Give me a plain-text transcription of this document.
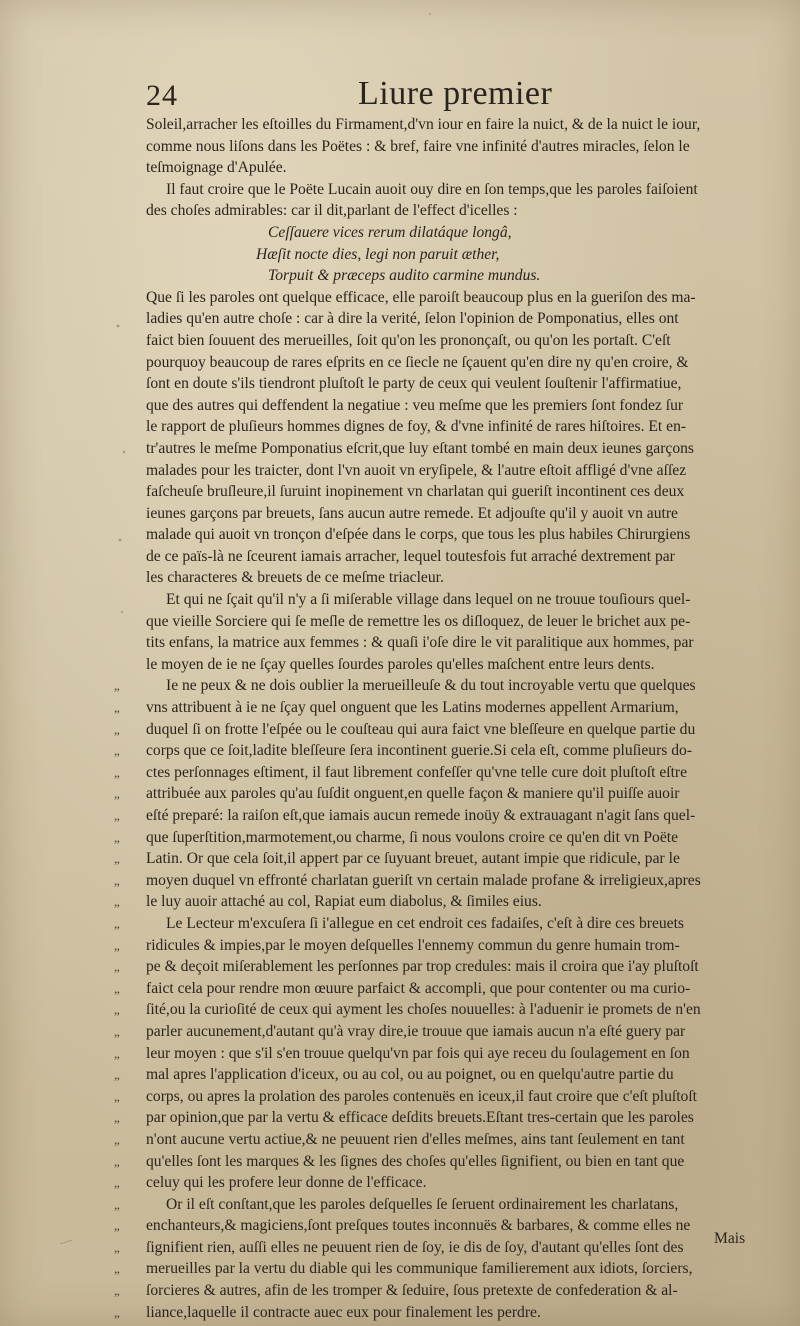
24	Liure premier
Soleil,arracher les eſtoilles du Firmament,d'vn iour en faire la nuict, & de la nuict le iour,
comme nous liſons dans les Poëtes : & bref, faire vne infinité d'autres miracles, ſelon le
teſmoignage d'Apulée.
Il faut croire que le Poëte Lucain auoit ouy dire en ſon temps,que les paroles faiſoient
des choſes admirables: car il dit,parlant de l'effect d'icelles :
Ceſſauere vices rerum dilatáque longâ,
Hæſit nocte dies, legi non paruit æther,
Torpuit & præceps audito carmine mundus.
Que ſi les paroles ont quelque efficace, elle paroiſt beaucoup plus en la gueriſon des ma-
ladies qu'en autre choſe : car à dire la verité, ſelon l'opinion de Pomponatius, elles ont
faict bien ſouuent des merueilles, ſoit qu'on les prononçaſt, ou qu'on les portaſt. C'eſt
pourquoy beaucoup de rares eſprits en ce ſiecle ne ſçauent qu'en dire ny qu'en croire, &
ſont en doute s'ils tiendront pluſtoſt le party de ceux qui veulent ſouſtenir l'affirmatiue,
que des autres qui deffendent la negatiue : veu meſme que les premiers ſont fondez ſur
le rapport de pluſieurs hommes dignes de foy, & d'vne infinité de rares hiſtoires. Et en-
tr'autres le meſme Pomponatius eſcrit,que luy eſtant tombé en main deux ieunes garçons
malades pour les traicter, dont l'vn auoit vn eryſipele, & l'autre eſtoit affligé d'vne aſſez
faſcheuſe bruſleure,il ſuruint inopinement vn charlatan qui gueriſt incontinent ces deux
ieunes garçons par breuets, ſans aucun autre remede. Et adjouſte qu'il y auoit vn autre
malade qui auoit vn tronçon d'eſpée dans le corps, que tous les plus habiles Chirurgiens
de ce païs-là ne ſceurent iamais arracher, lequel toutesfois fut arraché dextrement par
les characteres & breuets de ce meſme triacleur.
Et qui ne ſçait qu'il n'y a ſi miſerable village dans lequel on ne trouue touſiours quel-
que vieille Sorciere qui ſe meſle de remettre les os diſloquez, de leuer le brichet aux pe-
tits enfans, la matrice aux femmes : & quaſi i'oſe dire le vit paralitique aux hommes, par
le moyen de ie ne ſçay quelles ſourdes paroles qu'elles maſchent entre leurs dents.
„	Ie ne peux & ne dois oublier la merueilleuſe & du tout incroyable vertu que quelques
„ vns attribuent à ie ne ſçay quel onguent que les Latins modernes appellent Armarium,
„ duquel ſi on frotte l'eſpée ou le couſteau qui aura faict vne bleſſeure en quelque partie du
„ corps que ce ſoit,ladite bleſſeure ſera incontinent guerie.Si cela eſt, comme pluſieurs do-
„ ctes perſonnages eſtiment, il faut librement confeſſer qu'vne telle cure doit pluſtoſt eſtre
„ attribuée aux paroles qu'au ſuſdit onguent,en quelle façon & maniere qu'il puiſſe auoir
„ eſté preparé: la raiſon eſt,que iamais aucun remede inoüy & extrauagant n'agit ſans quel-
„ que ſuperſtition,marmotement,ou charme, ſi nous voulons croire ce qu'en dit vn Poëte
„ Latin. Or que cela ſoit,il appert par ce ſuyuant breuet, autant impie que ridicule, par le
„ moyen duquel vn effronté charlatan gueriſt vn certain malade profane & irreligieux,apres
„ le luy auoir attaché au col, Rapiat eum diabolus, & ſimiles eius.
„	Le Lecteur m'excuſera ſi i'allegue en cet endroit ces fadaiſes, c'eſt à dire ces breuets
„ ridicules & impies,par le moyen deſquelles l'ennemy commun du genre humain trom-
„ pe & deçoit miſerablement les perſonnes par trop credules: mais il croira que i'ay pluſtoſt
„ faict cela pour rendre mon œuure parfaict & accompli, que pour contenter ou ma curio-
„ ſité,ou la curioſité de ceux qui ayment les choſes nouuelles: à l'aduenir ie promets de n'en
„ parler aucunement,d'autant qu'à vray dire,ie trouue que iamais aucun n'a eſté guery par
„ leur moyen : que s'il s'en trouue quelqu'vn par fois qui aye receu du ſoulagement en ſon
„ mal apres l'application d'iceux, ou au col, ou au poignet, ou en quelqu'autre partie du
„ corps, ou apres la prolation des paroles contenuës en iceux,il faut croire que c'eſt pluſtoſt
„ par opinion,que par la vertu & efficace deſdits breuets.Eſtant tres-certain que les paroles
„ n'ont aucune vertu actiue,& ne peuuent rien d'elles meſmes, ains tant ſeulement en tant
„ qu'elles ſont les marques & les ſignes des choſes qu'elles ſignifient, ou bien en tant que
„ celuy qui les profere leur donne de l'efficace.
„	Or il eſt conſtant,que les paroles deſquelles ſe ſeruent ordinairement les charlatans,
„ enchanteurs,& magiciens,ſont preſques toutes inconnuës & barbares, & comme elles ne
„ ſignifient rien, auſſi elles ne peuuent rien de ſoy, ie dis de ſoy, d'autant qu'elles ſont des
„ merueilles par la vertu du diable qui les communique familierement aux idiots, ſorciers,
„ ſorcieres & autres, afin de les tromper & ſeduire, ſous pretexte de confederation & al-
„ liance,laquelle il contracte auec eux pour finalement les perdre.
Mais
